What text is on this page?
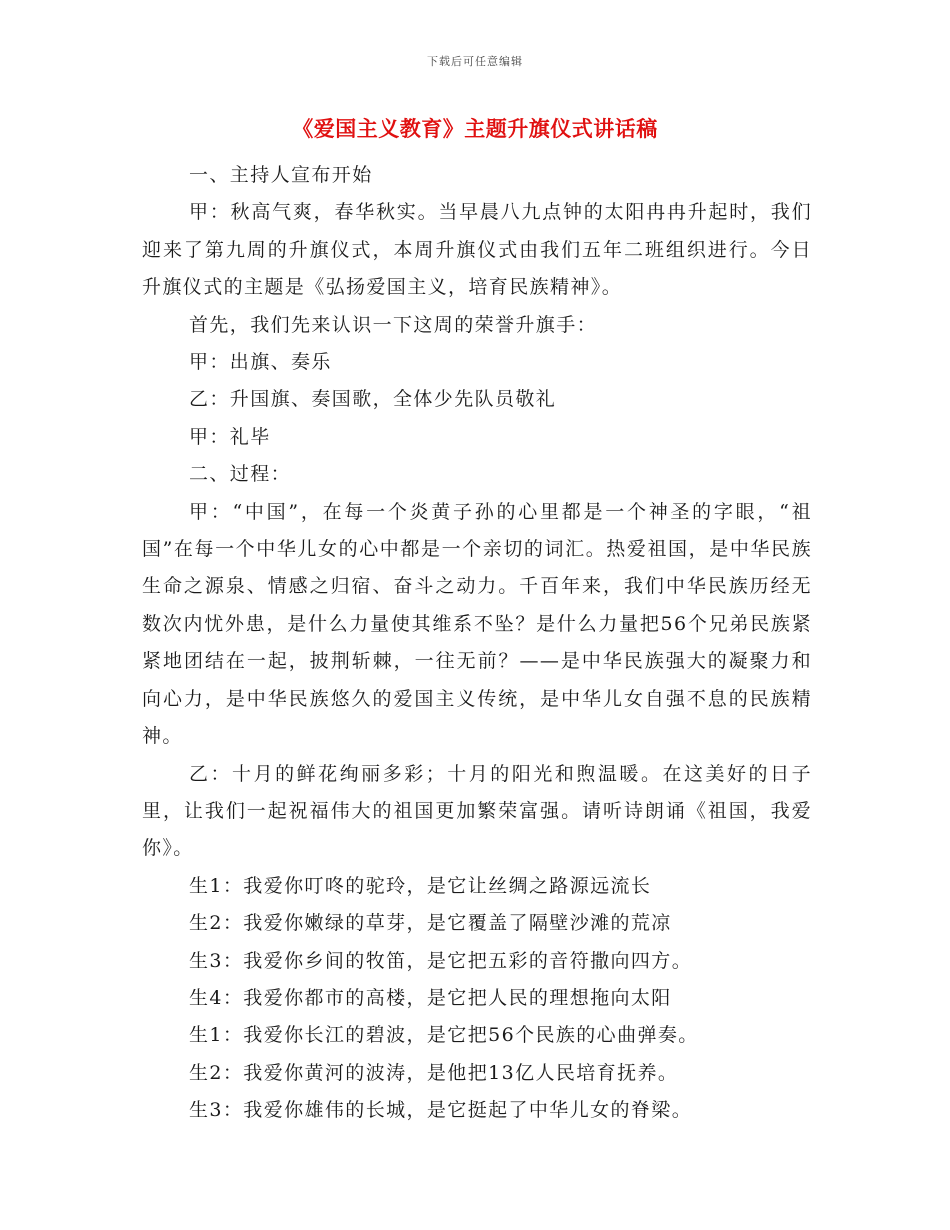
下载后可任意编辑
《爱国主义教育》主题升旗仪式讲话稿

一、主持人宣布开始

甲：秋高气爽，春华秋实。当早晨八九点钟的太阳冉冉升起时，我们迎来了第九周的升旗仪式，本周升旗仪式由我们五年二班组织进行。今日升旗仪式的主题是《弘扬爱国主义，培育民族精神》。

首先，我们先来认识一下这周的荣誉升旗手：

甲：出旗、奏乐

乙：升国旗、奏国歌，全体少先队员敬礼

甲：礼毕

二、过程：

甲：“中国”，在每一个炎黄子孙的心里都是一个神圣的字眼，“祖国”在每一个中华儿女的心中都是一个亲切的词汇。热爱祖国，是中华民族生命之源泉、情感之归宿、奋斗之动力。千百年来，我们中华民族历经无数次内忧外患，是什么力量使其维系不坠？是什么力量把56个兄弟民族紧紧地团结在一起，披荆斩棘，一往无前？——是中华民族强大的凝聚力和向心力，是中华民族悠久的爱国主义传统，是中华儿女自强不息的民族精神。

乙：十月的鲜花绚丽多彩；十月的阳光和煦温暖。在这美好的日子里，让我们一起祝福伟大的祖国更加繁荣富强。请听诗朗诵《祖国，我爱你》。

生1：我爱你叮咚的驼玲，是它让丝绸之路源远流长

生2：我爱你嫩绿的草芽，是它覆盖了隔壁沙滩的荒凉

生3：我爱你乡间的牧笛，是它把五彩的音符撒向四方。

生4：我爱你都市的高楼，是它把人民的理想拖向太阳

生1：我爱你长江的碧波，是它把56个民族的心曲弹奏。

生2：我爱你黄河的波涛，是他把13亿人民培育抚养。

生3：我爱你雄伟的长城，是它挺起了中华儿女的脊梁。
